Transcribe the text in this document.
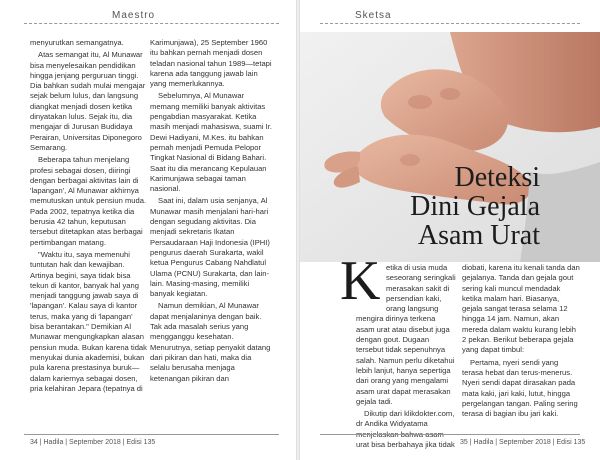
Maestro

menyurutkan semangatnya.

Atas semangat itu, Al Munawar bisa menyelesaikan pendidikan hingga jenjang perguruan tinggi. Dia bahkan sudah mulai mengajar sejak belum lulus, dan langsung diangkat menjadi dosen ketika dinyatakan lulus. Sejak itu, dia mengajar di Jurusan Budidaya Perairan, Universitas Diponegoro Semarang.

Beberapa tahun menjelang profesi sebagai dosen, diiringi dengan berbagai aktivitas lain di 'lapangan', Al Munawar akhirnya memutuskan untuk pensiun muda. Pada 2002, tepatnya ketika dia berusia 42 tahun, keputusan tersebut ditetapkan atas berbagai pertimbangan matang.

"Waktu itu, saya memenuhi tuntutan hak dan kewajiban. Artinya begini, saya tidak bisa tekun di kantor, banyak hal yang menjadi tanggung jawab saya di 'lapangan'. Kalau saya di kantor terus, maka yang di 'lapangan' bisa berantakan." Demikian Al Munawar mengungkapkan alasan pensiun muda. Bukan karena tidak menyukai dunia akademisi, bukan pula karena prestasinya buruk—dalam kariernya sebagai dosen, pria kelahiran Jepara (tepatnya di

Karimunjawa), 25 September 1960 itu bahkan pernah menjadi dosen teladan nasional tahun 1989—tetapi karena ada tanggung jawab lain yang memerlukannya.

Sebelumnya, Al Munawar memang memiliki banyak aktivitas pengabdian masyarakat. Ketika masih menjadi mahasiswa, suami Ir. Dewi Hadiyani, M.Kes. itu bahkan pernah menjadi Pemuda Pelopor Tingkat Nasional di Bidang Bahari. Saat itu dia merancang Kepulauan Karimunjawa sebagai taman nasional.

Saat ini, dalam usia senjanya, Al Munawar masih menjalani hari-hari dengan segudang aktivitas. Dia menjadi sekretaris Ikatan Persaudaraan Haji Indonesia (IPHI) pengurus daerah Surakarta, wakil ketua Pengurus Cabang Nahdlatul Ulama (PCNU) Surakarta, dan lain-lain. Masing-masing, memiliki banyak kegiatan.

Namun demikian, Al Munawar dapat menjalaninya dengan baik. Tak ada masalah serius yang mengganggu kesehatan. Menurutnya, setiap penyakit datang dari pikiran dan hati, maka dia selalu berusaha menjaga ketenangan pikiran dan

34 | Hadila | September 2018 | Edisi 135
Sketsa
etika di usia muda
seseorang seringkali
merasakan sakit di
persendian kaki,
orang langsung

mengira dirinya terkena asam urat atau disebut juga dengan gout. Dugaan tersebut tidak sepenuhnya salah. Namun perlu diketahui lebih lanjut, hanya sepertiga dari orang yang mengalami asam urat dapat merasakan gejala tadi.

Dikutip dari klikdokter.com, dr Andika Widyatama menjelaskan bahwa asam urat bisa berbahaya jika tidak

diobati, karena itu kenali tanda dan gejalanya. Tanda dan gejala gout sering kali muncul mendadak ketika malam hari. Biasanya, gejala sangat terasa selama 12 hingga 14 jam. Namun, akan mereda dalam waktu kurang lebih 2 pekan. Berikut beberapa gejala yang dapat timbul:

Pertama, nyeri sendi yang terasa hebat dan terus-menerus. Nyeri sendi dapat dirasakan pada mata kaki, jari kaki, lutut, hingga pergelangan tangan. Paling sering terasa di bagian ibu jari kaki.

35 | Hadila | September 2018 | Edisi 135
Deteksi
Dini Gejala
Asam Urat
K
